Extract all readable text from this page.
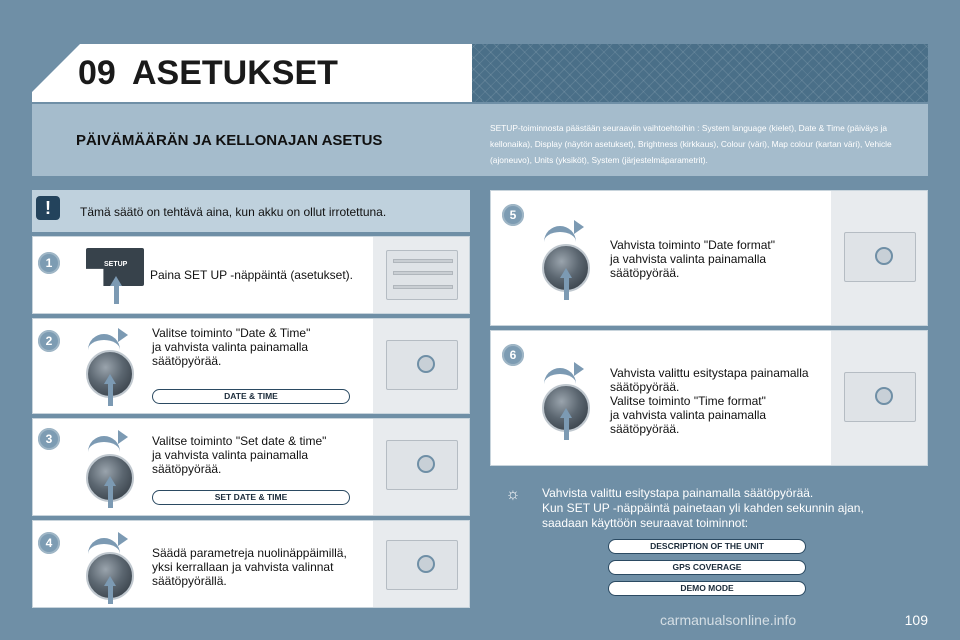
09 ASETUKSET
PÄIVÄMÄÄRÄN JA KELLONAJAN ASETUS
SETUP-toiminnosta päästään seuraaviin vaihtoehtoihin : System language (kielet), Date & Time (päiväys ja kellonaika), Display (näytön asetukset), Brightness (kirkkaus), Colour (väri), Map colour (kartan väri), Vehicle (ajoneuvo), Units (yksiköt), System (järjestelmäparametrit).
!	Tämä säätö on tehtävä aina, kun akku on ollut irrotettuna.
1	SETUP
Paina SET UP -näppäintä (asetukset).
2
Valitse toiminto "Date & Time"
ja vahvista valinta painamalla
säätöpyörää.
DATE & TIME
3	Valitse toiminto "Set date & time"
ja vahvista valinta painamalla
säätöpyörää.
SET DATE & TIME
4
Säädä parametreja nuolinäppäimillä,
yksi kerrallaan ja vahvista valinnat
säätöpyörällä.
5
Vahvista toiminto "Date format"
ja vahvista valinta painamalla
säätöpyörää.
6
Vahvista valittu esitystapa painamalla
säätöpyörää.
Valitse toiminto "Time format"
ja vahvista valinta painamalla
säätöpyörää.
☼ Vahvista valittu esitystapa painamalla säätöpyörää.
Kun SET UP -näppäintä painetaan yli kahden sekunnin ajan,
saadaan käyttöön seuraavat toiminnot:
DESCRIPTION OF THE UNIT
GPS COVERAGE
DEMO MODE
carmanualsonline.info	109
